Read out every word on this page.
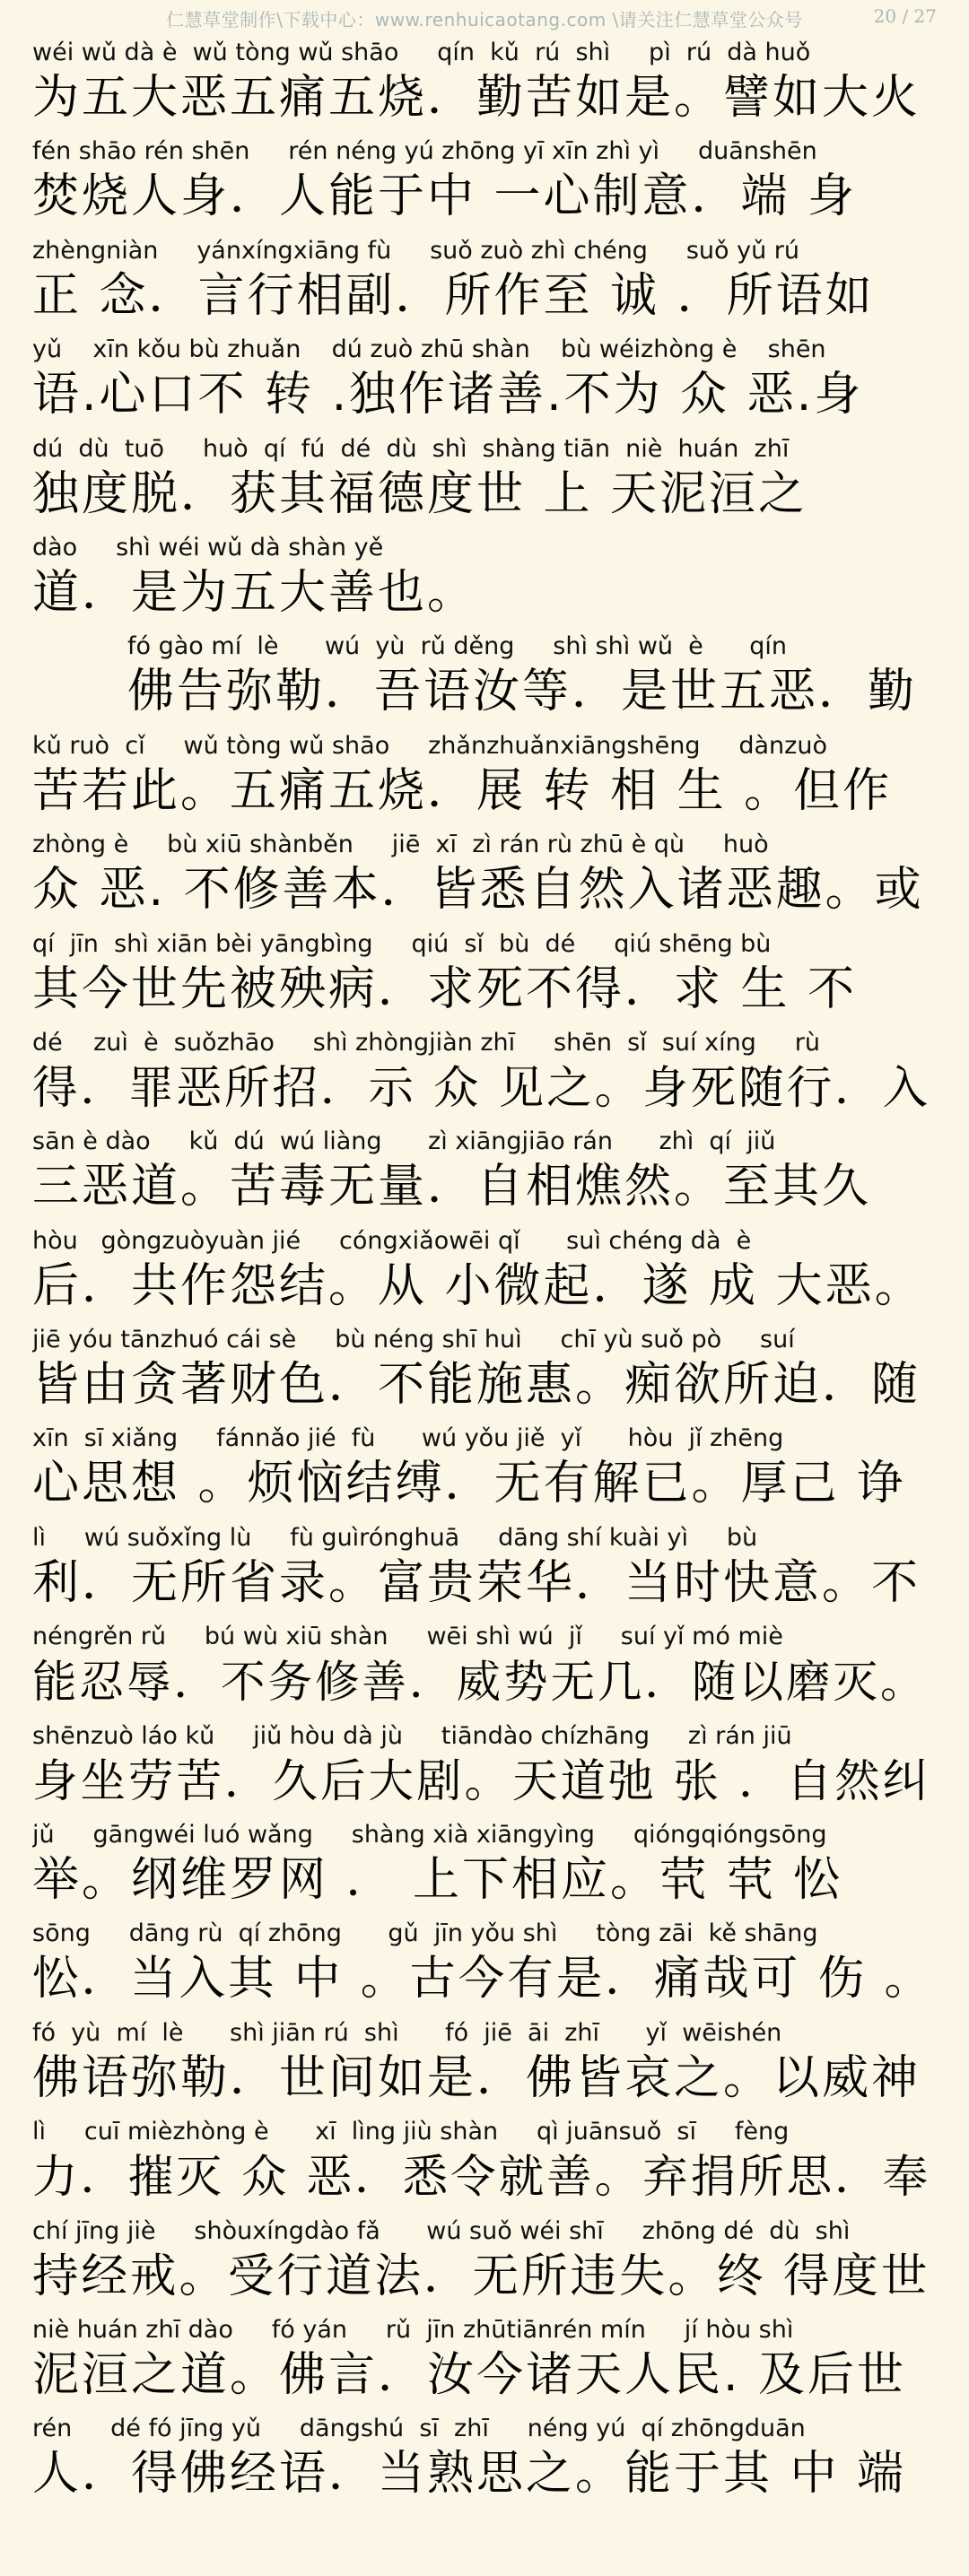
仁慧草堂制作\下载中心：www.renhuicaotang.com \请关注仁慧草堂公众号	20 / 27
wéi wǔ dà è  wǔ tòng wǔ shāo     qín  kǔ  rú  shì     pì  rú  dà huǒ
为五大恶五痛五烧．勤苦如是。譬如大火
fén shāo rén shēn     rén néng yú zhōng yī xīn zhì yì     duānshēn
焚烧人身．人能于中 一心制意．端 身
zhèngniàn     yánxíngxiāng fù     suǒ zuò zhì chéng     suǒ yǔ rú
正 念．言行相副．所作至 诚 ．所语如
yǔ    xīn kǒu bù zhuǎn    dú zuò zhū shàn    bù wéizhòng è    shēn
语.心口不 转 .独作诸善.不为 众 恶.身
dú  dù  tuō     huò  qí  fú  dé  dù  shì  shàng tiān  niè  huán  zhī
独度脱．获其福德度世 上 天泥洹之
dào     shì wéi wǔ dà shàn yě
道．是为五大善也。
fó gào mí  lè      wú  yù  rǔ děng     shì shì wǔ  è      qín
佛告弥勒．吾语汝等．是世五恶．勤
kǔ ruò  cǐ     wǔ tòng wǔ shāo     zhǎnzhuǎnxiāngshēng     dànzuò
苦若此。五痛五烧．展 转 相 生 。但作
zhòng è     bù xiū shànběn     jiē  xī  zì rán rù zhū è qù     huò
众 恶. 不修善本．皆悉自然入诸恶趣。或
qí  jīn  shì xiān bèi yāngbìng     qiú  sǐ  bù  dé     qiú shēng bù
其今世先被殃病．求死不得．求 生 不
dé    zuì  è  suǒzhāo     shì zhòngjiàn zhī     shēn  sǐ  suí xíng     rù
得．罪恶所招．示 众 见之。身死随行．入
sān è dào     kǔ  dú  wú liàng      zì xiāngjiāo rán      zhì  qí  jiǔ
三恶道。苦毒无量．自相燋然。至其久
hòu   gòngzuòyuàn jié     cóngxiǎowēi qǐ      suì chéng dà  è
后．共作怨结。从 小微起．遂 成 大恶。
jiē yóu tānzhuó cái sè     bù néng shī huì     chī yù suǒ pò     suí
皆由贪著财色．不能施惠。痴欲所迫．随
xīn  sī xiǎng     fánnǎo jié  fù      wú yǒu jiě  yǐ      hòu  jǐ zhēng
心思想 。烦恼结缚．无有解已。厚己 诤
lì     wú suǒxǐng lù     fù guìrónghuā     dāng shí kuài yì     bù
利．无所省录。富贵荣华．当时快意。不
néngrěn rǔ     bú wù xiū shàn     wēi shì wú  jǐ     suí yǐ mó miè
能忍辱．不务修善．威势无几．随以磨灭。
shēnzuò láo kǔ     jiǔ hòu dà jù     tiāndào chízhāng     zì rán jiū
身坐劳苦．久后大剧。天道弛 张 ．自然纠
jǔ     gāngwéi luó wǎng     shàng xià xiāngyìng     qióngqióngsōng
举。纲维罗网 ． 上下相应。茕 茕 忪
sōng     dāng rù  qí zhōng      gǔ  jīn yǒu shì     tòng zāi  kě shāng
忪．当入其 中 。古今有是．痛哉可 伤 。
fó  yù  mí  lè      shì jiān rú  shì      fó  jiē  āi  zhī      yǐ  wēishén
佛语弥勒．世间如是．佛皆哀之。以威神
lì     cuī mièzhòng è      xī  lìng jiù shàn     qì juānsuǒ  sī     fèng
力．摧灭 众 恶．悉令就善。弃捐所思．奉
chí jīng jiè     shòuxíngdào fǎ      wú suǒ wéi shī     zhōng dé  dù  shì
持经戒。受行道法．无所违失。终 得度世
niè huán zhī dào     fó yán     rǔ  jīn zhūtiānrén mín     jí hòu shì
泥洹之道。佛言．汝今诸天人民. 及后世
rén     dé fó jīng yǔ     dāngshú  sī  zhī     néng yú  qí zhōngduān
人．得佛经语．当熟思之。能于其 中 端
